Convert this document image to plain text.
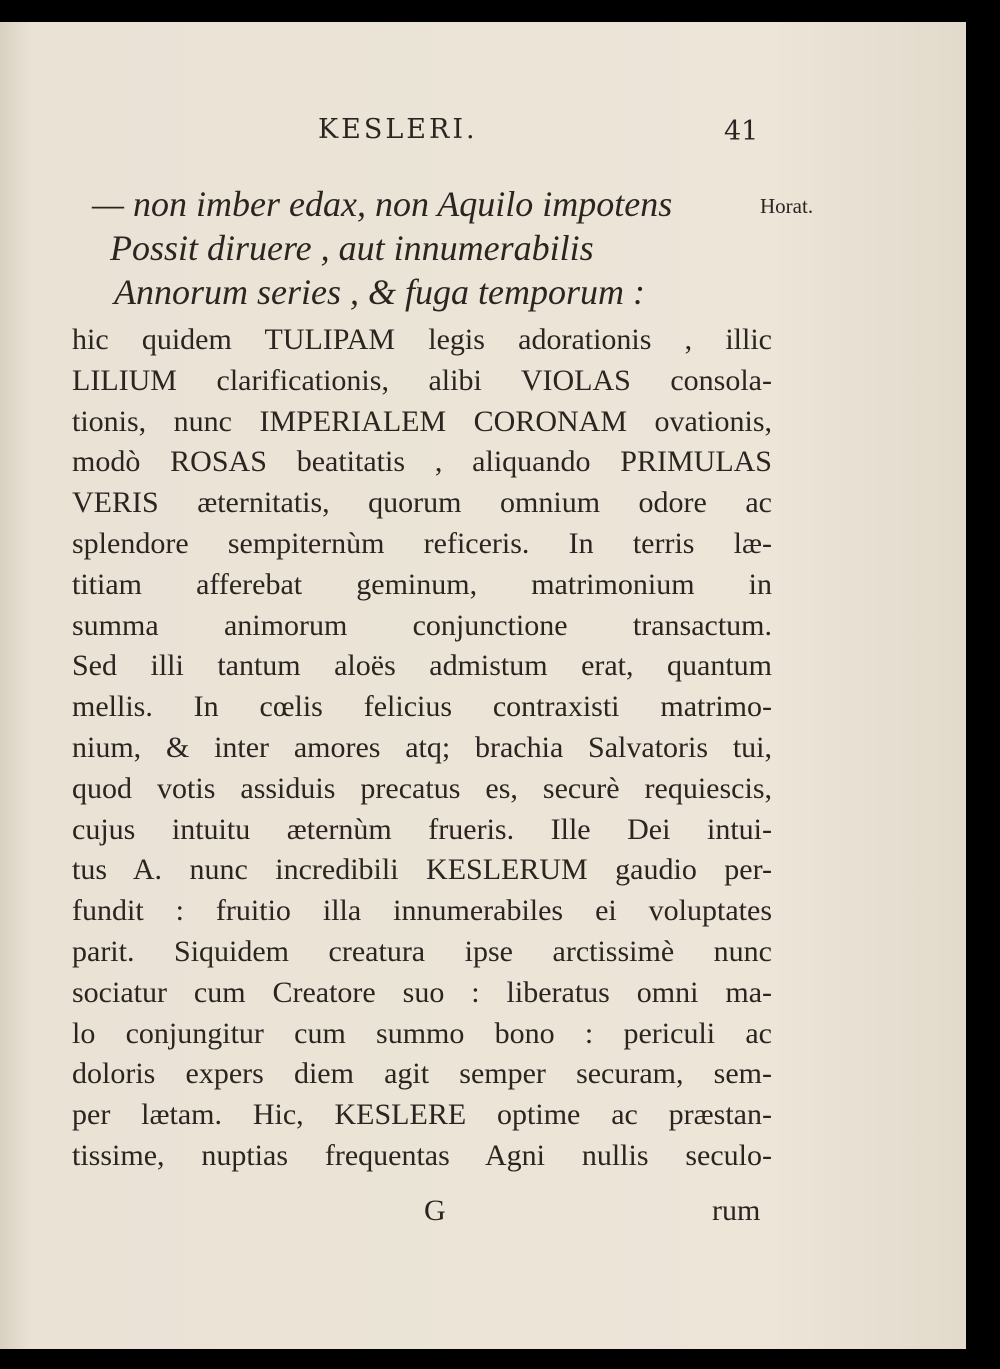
KESLERI.	41
— non imber edax, non Aquilo impotens
Possit diruere , aut innumerabilis
Annorum series , & fuga temporum :
Horat.
hic quidem TULIPAM legis adorationis , illic
LILIUM clarificationis, alibi VIOLAS consola-
tionis, nunc IMPERIALEM CORONAM ovationis,
modò ROSAS beatitatis , aliquando PRIMULAS
VERIS æternitatis, quorum omnium odore ac
splendore sempiternùm reficeris. In terris læ-
titiam afferebat geminum, matrimonium in
summa animorum conjunctione transactum.
Sed illi tantum aloës admistum erat, quantum
mellis. In cœlis felicius contraxisti matrimo-
nium, & inter amores atq; brachia Salvatoris tui,
quod votis assiduis precatus es, securè requiescis,
cujus intuitu æternùm frueris. Ille Dei intui-
tus A. nunc incredibili KESLERUM gaudio per-
fundit : fruitio illa innumerabiles ei voluptates
parit. Siquidem creatura ipse arctissimè nunc
sociatur cum Creatore suo : liberatus omni ma-
lo conjungitur cum summo bono : periculi ac
doloris expers diem agit semper securam, sem-
per lætam. Hic, KESLERE optime ac præstan-
tissime, nuptias frequentas Agni nullis seculo-
G	rum
